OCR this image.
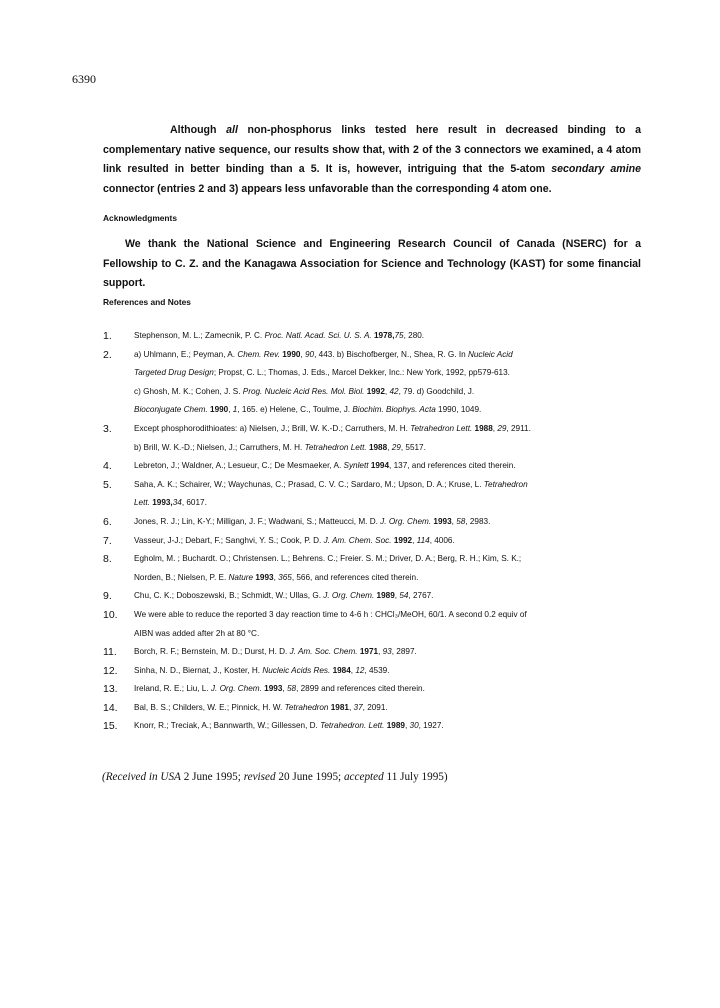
6390
Although all non-phosphorus links tested here result in decreased binding to a complementary native sequence, our results show that, with 2 of the 3 connectors we examined, a 4 atom link resulted in better binding than a 5. It is, however, intriguing that the 5-atom secondary amine connector (entries 2 and 3) appears less unfavorable than the corresponding 4 atom one.
Acknowledgments
We thank the National Science and Engineering Research Council of Canada (NSERC) for a Fellowship to C. Z. and the Kanagawa Association for Science and Technology (KAST) for some financial support.
References and Notes
1.	Stephenson, M. L.; Zamecnik, P. C. Proc. Natl. Acad. Sci. U. S. A. 1978,75, 280.
2.	a) Uhlmann, E.; Peyman, A. Chem. Rev. 1990, 90, 443. b) Bischofberger, N., Shea, R. G. In Nucleic Acid
Targeted Drug Design; Propst, C. L.; Thomas, J. Eds., Marcel Dekker, Inc.: New York, 1992, pp579-613.
c) Ghosh, M. K.; Cohen, J. S. Prog. Nucleic Acid Res. Mol. Biol. 1992, 42, 79. d) Goodchild, J.
Bioconjugate Chem. 1990, 1, 165. e) Helene, C., Toulme, J. Biochim. Biophys. Acta 1990, 1049.
3.	Except phosphorodithioates: a) Nielsen, J.; Brill, W. K.-D.; Carruthers, M. H. Tetrahedron Lett. 1988, 29, 2911.
b) Brill, W. K.-D.; Nielsen, J.; Carruthers, M. H. Tetrahedron Lett. 1988, 29, 5517.
4.	Lebreton, J.; Waldner, A.; Lesueur, C.; De Mesmaeker, A. Synlett 1994, 137, and references cited therein.
5.	Saha, A. K.; Schairer, W.; Waychunas, C.; Prasad, C. V. C.; Sardaro, M.; Upson, D. A.; Kruse, L. Tetrahedron
Lett. 1993,34, 6017.
6.	Jones, R. J.; Lin, K-Y.; Milligan, J. F.; Wadwani, S.; Matteucci, M. D. J. Org. Chem. 1993, 58, 2983.
7.	Vasseur, J-J.; Debart, F.; Sanghvi, Y. S.; Cook, P. D. J. Am. Chem. Soc. 1992, 114, 4006.
8.	Egholm, M. ; Buchardt. O.; Christensen. L.; Behrens. C.; Freier. S. M.; Driver, D. A.; Berg, R. H.; Kim, S. K.;
Norden, B.; Nielsen, P. E. Nature 1993, 365, 566, and references cited therein.
9.	Chu, C. K.; Doboszewski, B.; Schmidt, W.; Ullas, G. J. Org. Chem. 1989, 54, 2767.
10.	We were able to reduce the reported 3 day reaction time to 4-6 h : CHCl₃/MeOH, 60/1. A second 0.2 equiv of
AIBN was added after 2h at 80 °C.
11.	Borch, R. F.; Bernstein, M. D.; Durst, H. D. J. Am. Soc. Chem. 1971, 93, 2897.
12.	Sinha, N. D., Biernat, J., Koster, H. Nucleic Acids Res. 1984, 12, 4539.
13.	Ireland, R. E.; Liu, L. J. Org. Chem. 1993, 58, 2899 and references cited therein.
14.	Bal, B. S.; Childers, W. E.; Pinnick, H. W. Tetrahedron 1981, 37, 2091.
15.	Knorr, R.; Treciak, A.; Bannwarth, W.; Gillessen, D. Tetrahedron. Lett. 1989, 30, 1927.
(Received in USA 2 June 1995; revised 20 June 1995; accepted 11 July 1995)
